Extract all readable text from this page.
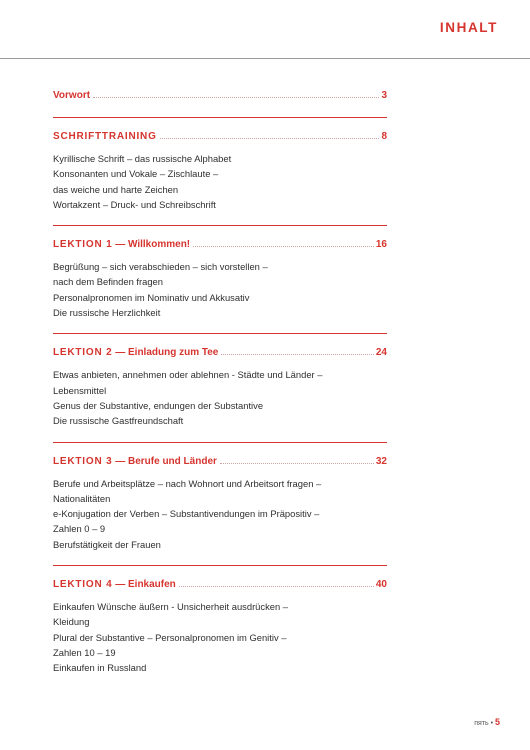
INHALT
Vorwort	3
SCHRIFTTRAINING	8
Kyrillische Schrift – das russische Alphabet
Konsonanten und Vokale – Zischlaute –
das weiche und harte Zeichen
Wortakzent – Druck- und Schreibschrift
LEKTION 1 — Willkommen!	16
Begrüßung – sich verabschieden – sich vorstellen –
nach dem Befinden fragen
Personalpronomen im Nominativ und Akkusativ
Die russische Herzlichkeit
LEKTION 2 — Einladung zum Tee	24
Etwas anbieten, annehmen oder ablehnen - Städte und Länder –
Lebensmittel
Genus der Substantive, endungen der Substantive
Die russische Gastfreundschaft
LEKTION 3 — Berufe und Länder	32
Berufe und Arbeitsplätze – nach Wohnort und Arbeitsort fragen –
Nationalitäten
e-Konjugation der Verben – Substantivendungen im Präpositiv –
Zahlen 0 – 9
Berufstätigkeit der Frauen
LEKTION 4 — Einkaufen	40
Einkaufen Wünsche äußern - Unsicherheit ausdrücken –
Kleidung
Plural der Substantive – Personalpronomen im Genitiv –
Zahlen 10 – 19
Einkaufen in Russland
пять • 5
